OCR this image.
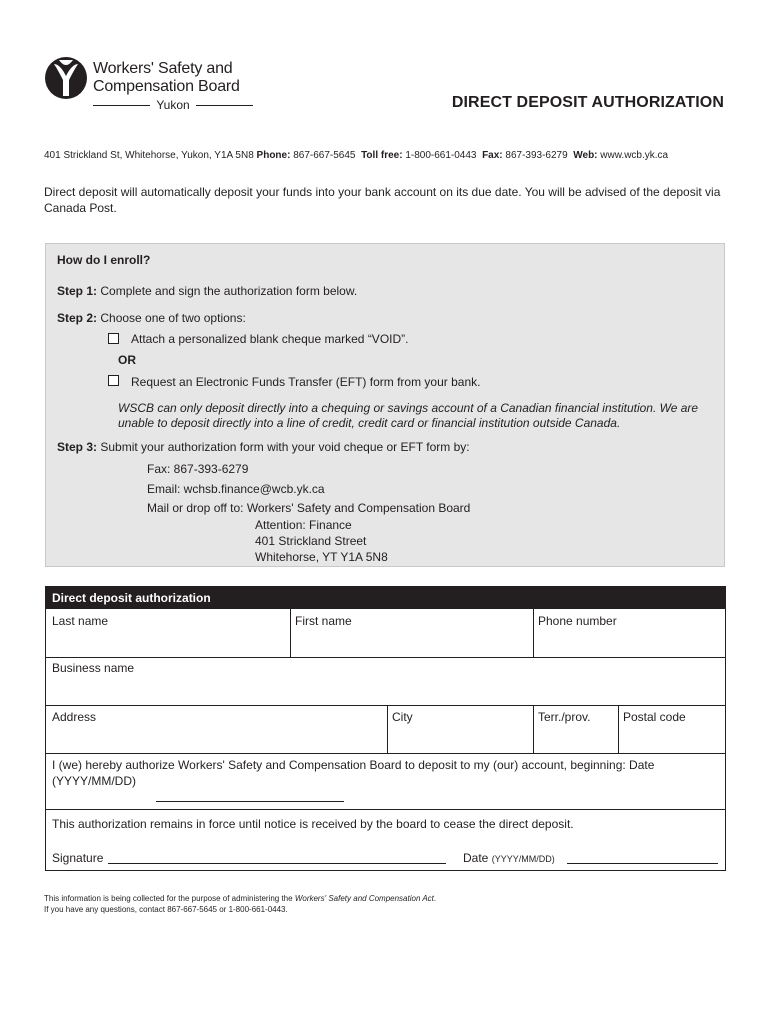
Workers' Safety and
Compensation Board
Yukon	DIRECT DEPOSIT AUTHORIZATION
401 Strickland St, Whitehorse, Yukon, Y1A 5N8 Phone: 867-667-5645 Toll free: 1-800-661-0443 Fax: 867-393-6279 Web: www.wcb.yk.ca
Direct deposit will automatically deposit your funds into your bank account on its due date. You will be advised of the deposit via Canada Post.
How do I enroll?
Step 1: Complete and sign the authorization form below.
Step 2: Choose one of two options:
Attach a personalized blank cheque marked “VOID”.
OR
Request an Electronic Funds Transfer (EFT) form from your bank.
WSCB can only deposit directly into a chequing or savings account of a Canadian financial institution. We are unable to deposit directly into a line of credit, credit card or financial institution outside Canada.
Step 3: Submit your authorization form with your void cheque or EFT form by:
Fax: 867-393-6279
Email: wchsb.finance@wcb.yk.ca
Mail or drop off to: Workers' Safety and Compensation Board
Attention: Finance
401 Strickland Street
Whitehorse, YT Y1A 5N8
Direct deposit authorization
Last name	First name	Phone number
Business name
Address	City	Terr./prov.	Postal code
I (we) hereby authorize Workers' Safety and Compensation Board to deposit to my (our) account, beginning: Date (YYYY/MM/DD)
This authorization remains in force until notice is received by the board to cease the direct deposit.
Signature	Date (YYYY/MM/DD)
This information is being collected for the purpose of administering the Workers' Safety and Compensation Act.
If you have any questions, contact 867-667-5645 or 1-800-661-0443.
